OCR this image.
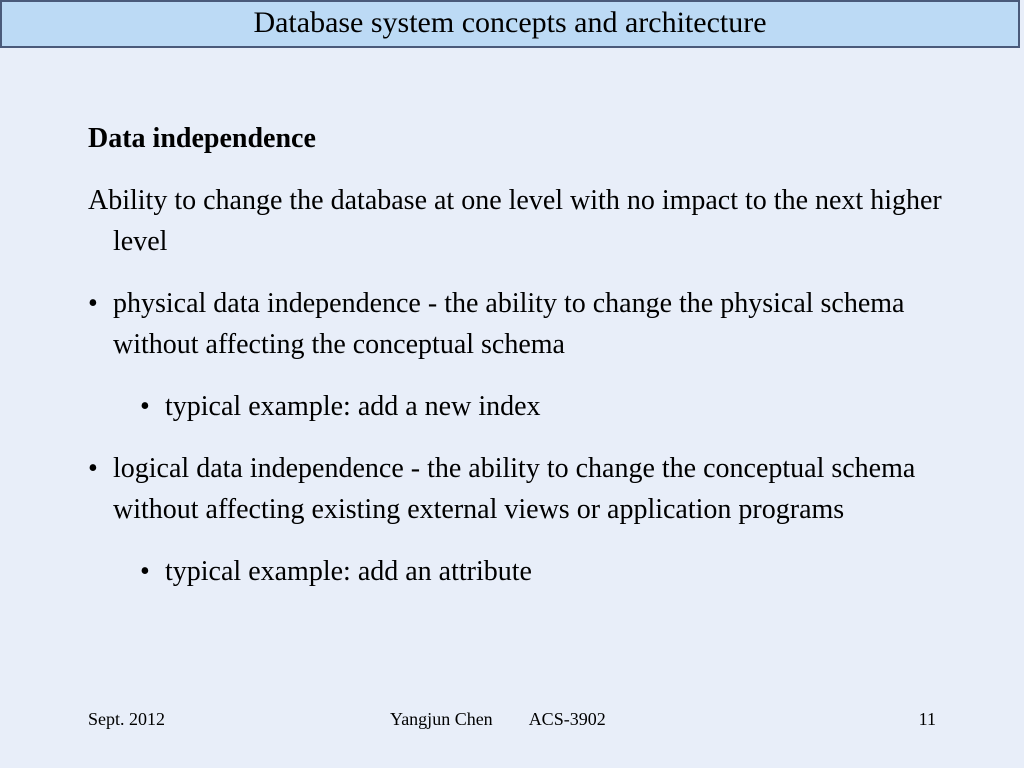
Database system concepts and architecture
Data independence
Ability to change the database at one level with no impact to the next higher level
• physical data independence - the ability to change the physical schema without affecting the conceptual schema
• typical example: add a new index
• logical data independence - the ability to change the conceptual schema without affecting existing external views or application programs
• typical example: add an attribute
Sept. 2012	Yangjun Chen ACS-3902	11
